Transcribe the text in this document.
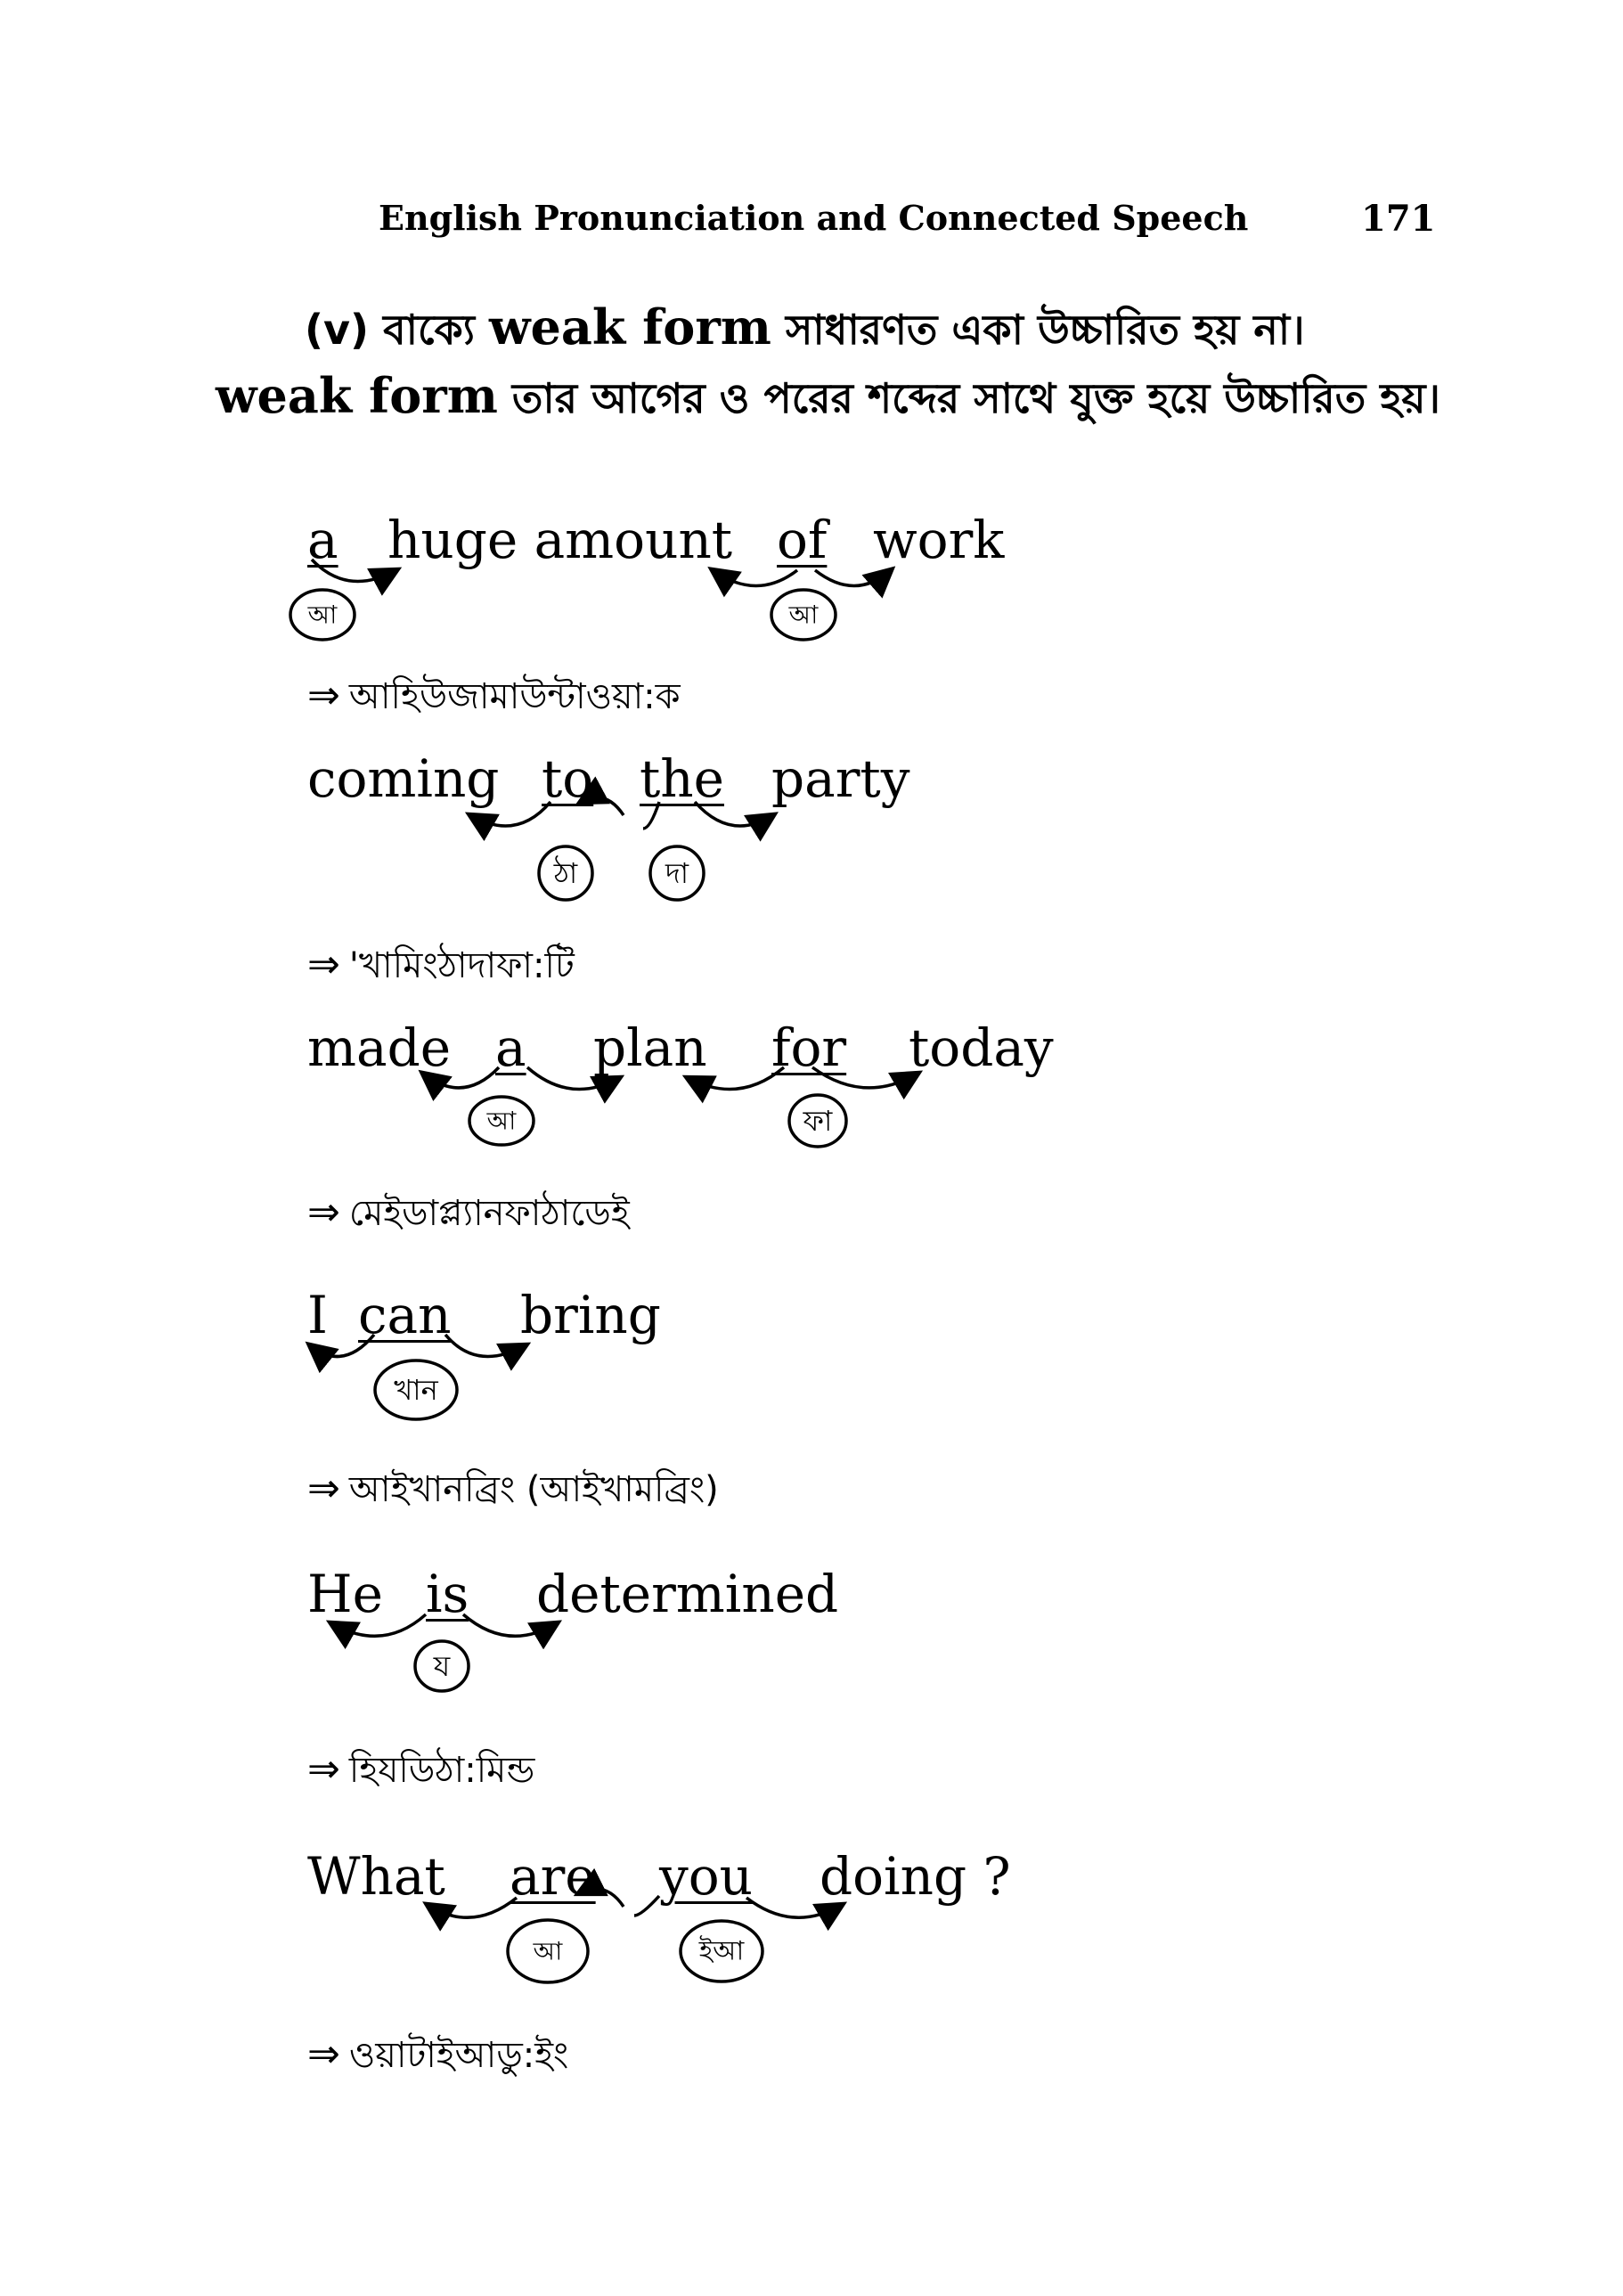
English Pronunciation and Connected Speech	171
(v) বাক্যে weak form সাধারণত একা উচ্চারিত হয় না। weak form তার আগের ও পরের শব্দের সাথে যুক্ত হয়ে উচ্চারিত হয়।
a huge amount of work
⇒ আহিউজামাউন্টাওয়া:ক
coming to the party
⇒ 'খামিংঠাদাফা:টি
made a plan for today
⇒ মেইডাপ্ল্যানফাঠাডেই
I can bring
⇒ আইখানব্রিং (আইখামব্রিং)
He is determined
⇒ হিযডিঠা:মিন্ড
What are you doing ?
⇒ ওয়াটাইআডু:ইং
আ	আ
ঠা	দা
আ	ফা
খান
য
আ	ইআ
